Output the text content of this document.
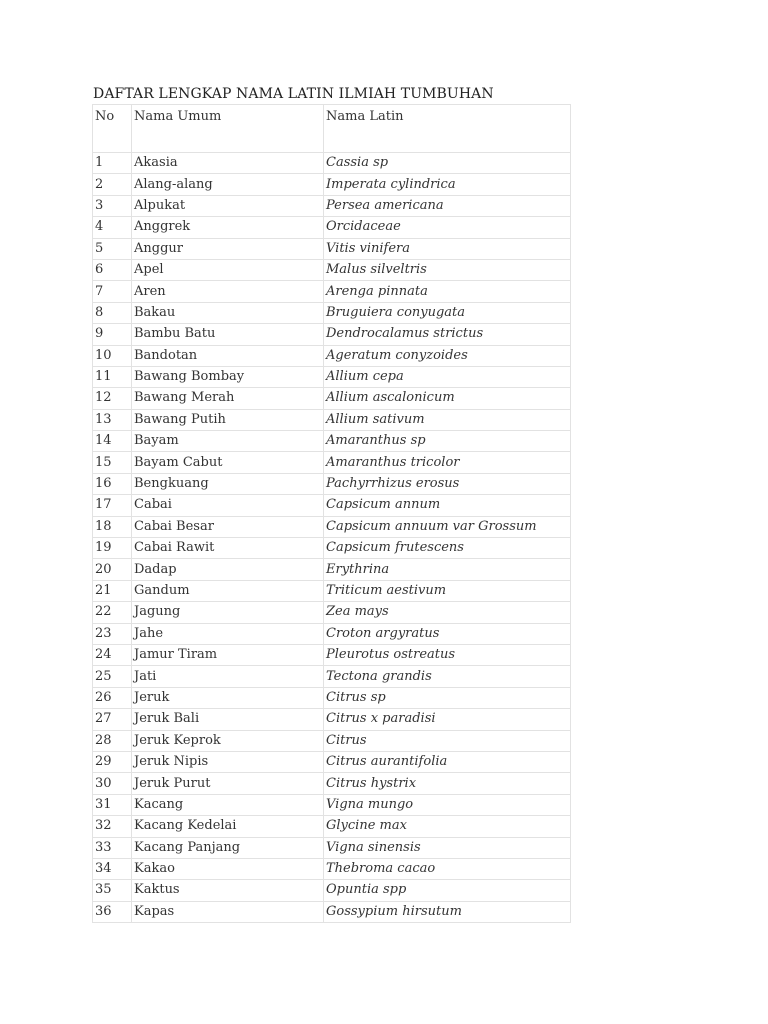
DAFTAR LENGKAP NAMA LATIN ILMIAH TUMBUHAN
No	Nama Umum	Nama Latin
1	Akasia	Cassia sp
2	Alang-alang	Imperata cylindrica
3	Alpukat	Persea americana
4	Anggrek	Orcidaceae
5	Anggur	Vitis vinifera
6	Apel	Malus silveltris
7	Aren	Arenga pinnata
8	Bakau	Bruguiera conyugata
9	Bambu Batu	Dendrocalamus strictus
10	Bandotan	Ageratum conyzoides
11	Bawang Bombay	Allium cepa
12	Bawang Merah	Allium ascalonicum
13	Bawang Putih	Allium sativum
14	Bayam	Amaranthus sp
15	Bayam Cabut	Amaranthus tricolor
16	Bengkuang	Pachyrrhizus erosus
17	Cabai	Capsicum annum
18	Cabai Besar	Capsicum annuum var Grossum
19	Cabai Rawit	Capsicum frutescens
20	Dadap	Erythrina
21	Gandum	Triticum aestivum
22	Jagung	Zea mays
23	Jahe	Croton argyratus
24	Jamur Tiram	Pleurotus ostreatus
25	Jati	Tectona grandis
26	Jeruk	Citrus sp
27	Jeruk Bali	Citrus x paradisi
28	Jeruk Keprok	Citrus
29	Jeruk Nipis	Citrus aurantifolia
30	Jeruk Purut	Citrus hystrix
31	Kacang	Vigna mungo
32	Kacang Kedelai	Glycine max
33	Kacang Panjang	Vigna sinensis
34	Kakao	Thebroma cacao
35	Kaktus	Opuntia spp
36	Kapas	Gossypium hirsutum
